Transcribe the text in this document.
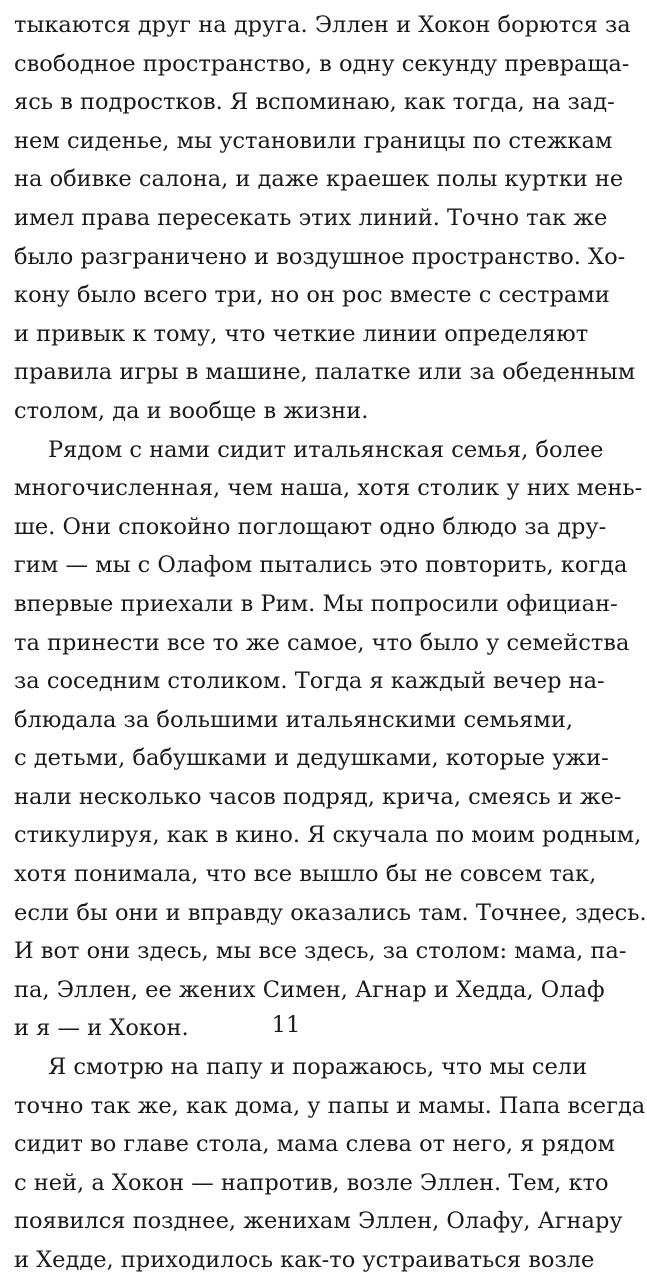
тыкаются друг на друга. Эллен и Хокон борются за
свободное пространство, в одну секунду превраща-
ясь в подростков. Я вспоминаю, как тогда, на зад-
нем сиденье, мы установили границы по стежкам
на обивке салона, и даже краешек полы куртки не
имел права пересекать этих линий. Точно так же
было разграничено и воздушное пространство. Хо-
кону было всего три, но он рос вместе с сестрами
и привык к тому, что четкие линии определяют
правила игры в машине, палатке или за обеденным
столом, да и вообще в жизни.
Рядом с нами сидит итальянская семья, более
многочисленная, чем наша, хотя столик у них мень-
ше. Они спокойно поглощают одно блюдо за дру-
гим — мы с Олафом пытались это повторить, когда
впервые приехали в Рим. Мы попросили официан-
та принести все то же самое, что было у семейства
за соседним столиком. Тогда я каждый вечер на-
блюдала за большими итальянскими семьями,
с детьми, бабушками и дедушками, которые ужи-
нали несколько часов подряд, крича, смеясь и же-
стикулируя, как в кино. Я скучала по моим родным,
хотя понимала, что все вышло бы не совсем так,
если бы они и вправду оказались там. Точнее, здесь.
И вот они здесь, мы все здесь, за столом: мама, па-
па, Эллен, ее жених Симен, Агнар и Хедда, Олаф
и я — и Хокон.
Я смотрю на папу и поражаюсь, что мы сели
точно так же, как дома, у папы и мамы. Папа всегда
сидит во главе стола, мама слева от него, я рядом
с ней, а Хокон — напротив, возле Эллен. Тем, кто
появился позднее, женихам Эллен, Олафу, Агнару
и Хедде, приходилось как-то устраиваться возле
11
